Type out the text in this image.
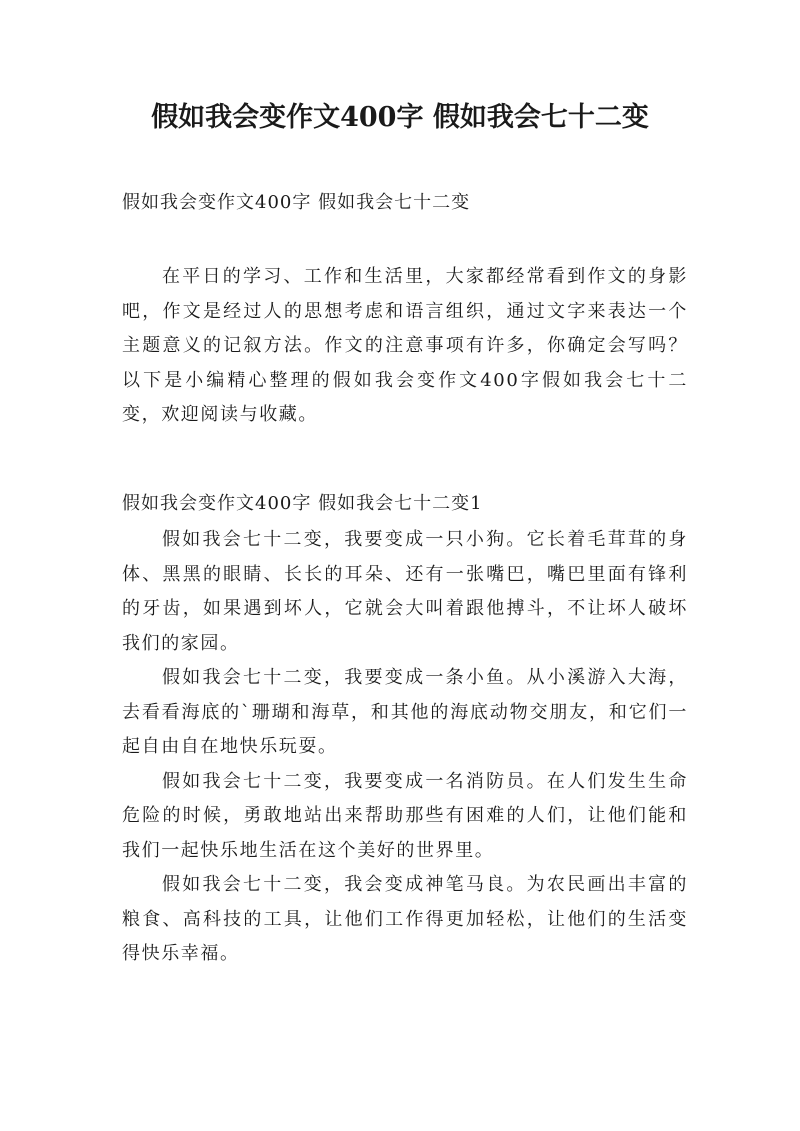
假如我会变作文400字 假如我会七十二变

假如我会变作文400字 假如我会七十二变

在平日的学习、工作和生活里，大家都经常看到作文的身影吧，作文是经过人的思想考虑和语言组织，通过文字来表达一个主题意义的记叙方法。作文的注意事项有许多，你确定会写吗？以下是小编精心整理的假如我会变作文400字假如我会七十二变，欢迎阅读与收藏。

假如我会变作文400字 假如我会七十二变1

假如我会七十二变，我要变成一只小狗。它长着毛茸茸的身体、黑黑的眼睛、长长的耳朵、还有一张嘴巴，嘴巴里面有锋利的牙齿，如果遇到坏人，它就会大叫着跟他搏斗，不让坏人破坏我们的家园。

假如我会七十二变，我要变成一条小鱼。从小溪游入大海，去看看海底的`珊瑚和海草，和其他的海底动物交朋友，和它们一起自由自在地快乐玩耍。

假如我会七十二变，我要变成一名消防员。在人们发生生命危险的时候，勇敢地站出来帮助那些有困难的人们，让他们能和我们一起快乐地生活在这个美好的世界里。

假如我会七十二变，我会变成神笔马良。为农民画出丰富的粮食、高科技的工具，让他们工作得更加轻松，让他们的生活变得快乐幸福。
